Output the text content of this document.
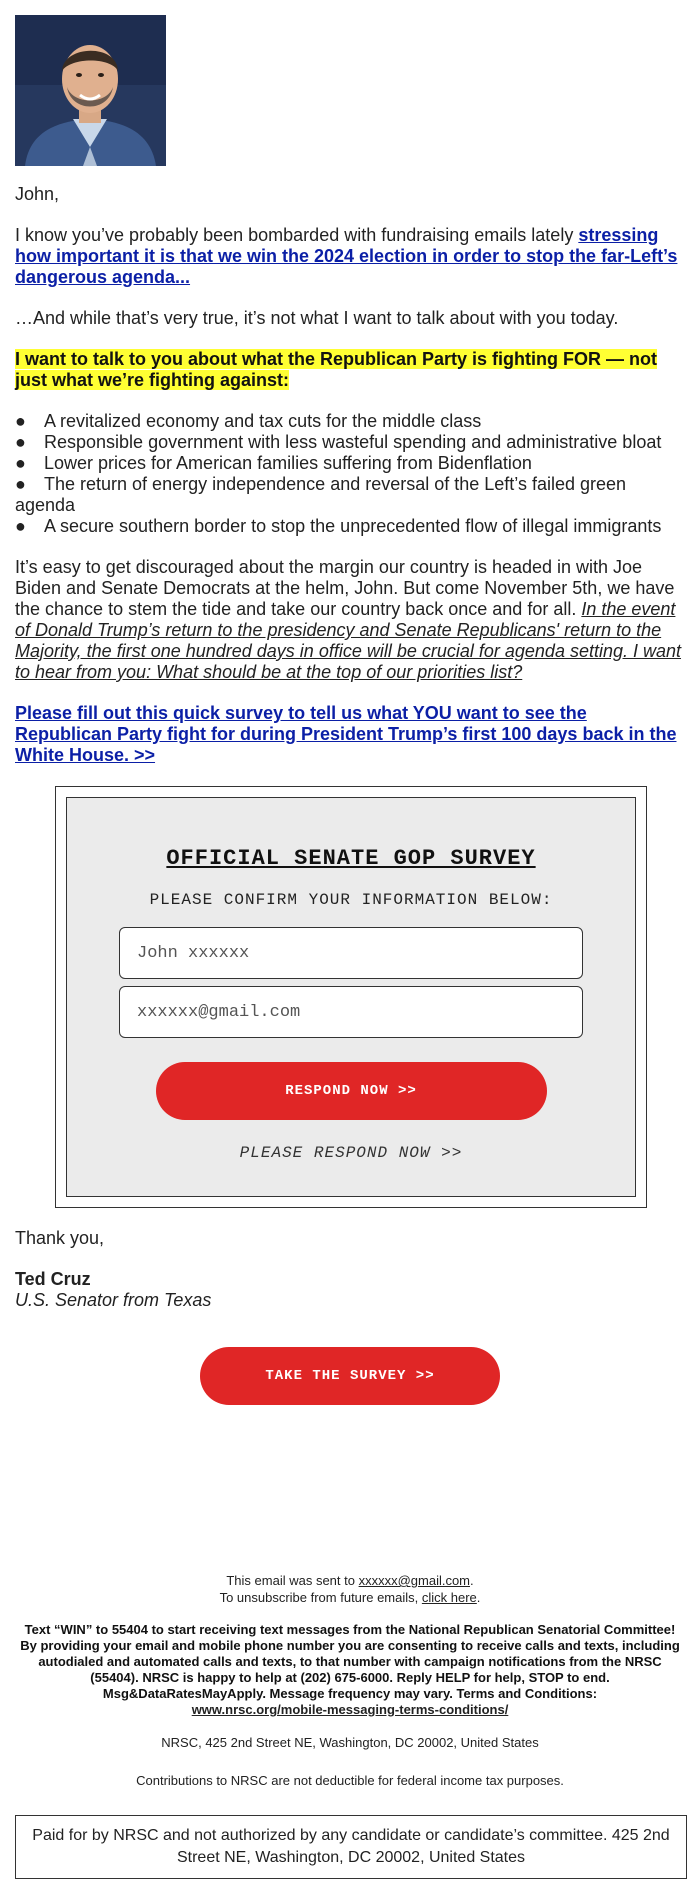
John,

I know you’ve probably been bombarded with fundraising emails lately stressing how important it is that we win the 2024 election in order to stop the far-Left’s dangerous agenda...

…And while that’s very true, it’s not what I want to talk about with you today.

I want to talk to you about what the Republican Party is fighting FOR — not just what we’re fighting against:

● A revitalized economy and tax cuts for the middle class
● Responsible government with less wasteful spending and administrative bloat
● Lower prices for American families suffering from Bidenflation
● The return of energy independence and reversal of the Left’s failed green agenda
● A secure southern border to stop the unprecedented flow of illegal immigrants

It’s easy to get discouraged about the margin our country is headed in with Joe Biden and Senate Democrats at the helm, John. But come November 5th, we have the chance to stem the tide and take our country back once and for all. In the event of Donald Trump’s return to the presidency and Senate Republicans' return to the Majority, the first one hundred days in office will be crucial for agenda setting. I want to hear from you: What should be at the top of our priorities list?

Please fill out this quick survey to tell us what YOU want to see the Republican Party fight for during President Trump’s first 100 days back in the White House. >>

OFFICIAL SENATE GOP SURVEY
PLEASE CONFIRM YOUR INFORMATION BELOW:
John xxxxxx
xxxxxx@gmail.com
RESPOND NOW >>
PLEASE RESPOND NOW >>

Thank you,

Ted Cruz

U.S. Senator from Texas

TAKE THE SURVEY >>

This email was sent to xxxxxx@gmail.com.

To unsubscribe from future emails, click here.

Text “WIN” to 55404 to start receiving text messages from the National Republican Senatorial Committee! By providing your email and mobile phone number you are consenting to receive calls and texts, including autodialed and automated calls and texts, to that number with campaign notifications from the NRSC (55404). NRSC is happy to help at (202) 675-6000. Reply HELP for help, STOP to end. Msg&DataRatesMayApply. Message frequency may vary. Terms and Conditions:
www.nrsc.org/mobile-messaging-terms-conditions/

NRSC, 425 2nd Street NE, Washington, DC 20002, United States

Contributions to NRSC are not deductible for federal income tax purposes.

Paid for by NRSC and not authorized by any candidate or candidate’s committee. 425 2nd Street NE, Washington, DC 20002, United States
